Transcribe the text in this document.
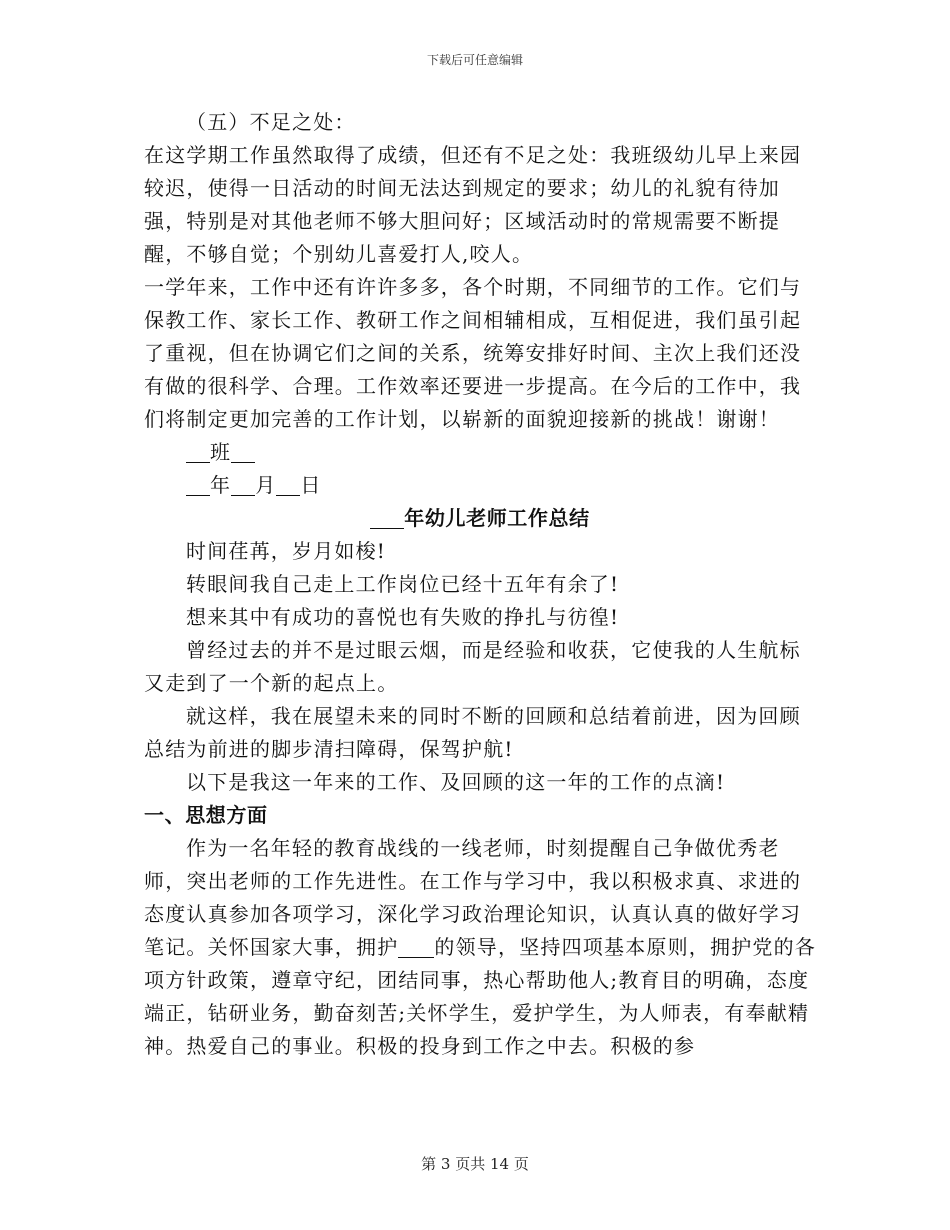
下载后可任意编辑

（五）不足之处：

在这学期工作虽然取得了成绩，但还有不足之处：我班级幼儿早上来园较迟，使得一日活动的时间无法达到规定的要求；幼儿的礼貌有待加强，特别是对其他老师不够大胆问好；区域活动时的常规需要不断提醒，不够自觉；个别幼儿喜爱打人,咬人。

一学年来，工作中还有许许多多，各个时期，不同细节的工作。它们与保教工作、家长工作、教研工作之间相辅相成，互相促进，我们虽引起了重视，但在协调它们之间的关系，统筹安排好时间、主次上我们还没有做的很科学、合理。工作效率还要进一步提高。在今后的工作中，我们将制定更加完善的工作计划，以崭新的面貌迎接新的挑战！谢谢！

班

年 月 日

年幼儿老师工作总结

时间荏苒，岁月如梭!

转眼间我自己走上工作岗位已经十五年有余了!

想来其中有成功的喜悦也有失败的挣扎与彷徨!

曾经过去的并不是过眼云烟，而是经验和收获，它使我的人生航标又走到了一个新的起点上。

就这样，我在展望未来的同时不断的回顾和总结着前进，因为回顾总结为前进的脚步清扫障碍，保驾护航!

以下是我这一年来的工作、及回顾的这一年的工作的点滴!

一、思想方面

作为一名年轻的教育战线的一线老师，时刻提醒自己争做优秀老师，突出老师的工作先进性。在工作与学习中，我以积极求真、求进的态度认真参加各项学习，深化学习政治理论知识，认真认真的做好学习笔记。关怀国家大事，拥护 的领导，坚持四项基本原则，拥护党的各项方针政策，遵章守纪，团结同事，热心帮助他人;教育目的明确，态度端正，钻研业务，勤奋刻苦;关怀学生，爱护学生，为人师表，有奉献精神。热爱自己的事业。积极的投身到工作之中去。积极的参

第 3 页共 14 页
